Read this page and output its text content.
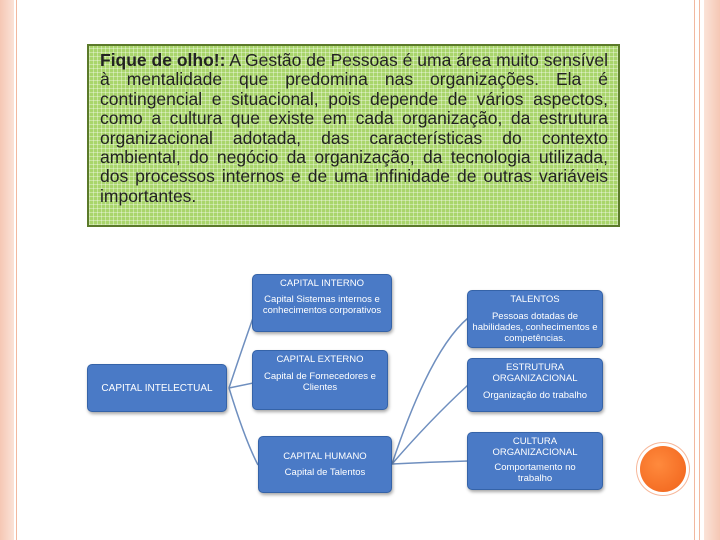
Fique de olho!: A Gestão de Pessoas é uma área muito sensível à mentalidade que predomina nas organizações. Ela é contingencial e situacional, pois depende de vários aspectos, como a cultura que existe em cada organização, da estrutura organizacional adotada, das características do contexto ambiental, do negócio da organização, da tecnologia utilizada, dos processos internos e de uma infinidade de outras variáveis importantes.
CAPITAL INTELECTUAL
CAPITAL INTERNO
Capital Sistemas internos e conhecimentos corporativos
CAPITAL EXTERNO
Capital de Fornecedores e Clientes
CAPITAL HUMANO
Capital de Talentos
TALENTOS
Pessoas dotadas de habilidades, conhecimentos e competências.
ESTRUTURA ORGANIZACIONAL
Organização do trabalho
CULTURA ORGANIZACIONAL
Comportamento no trabalho
